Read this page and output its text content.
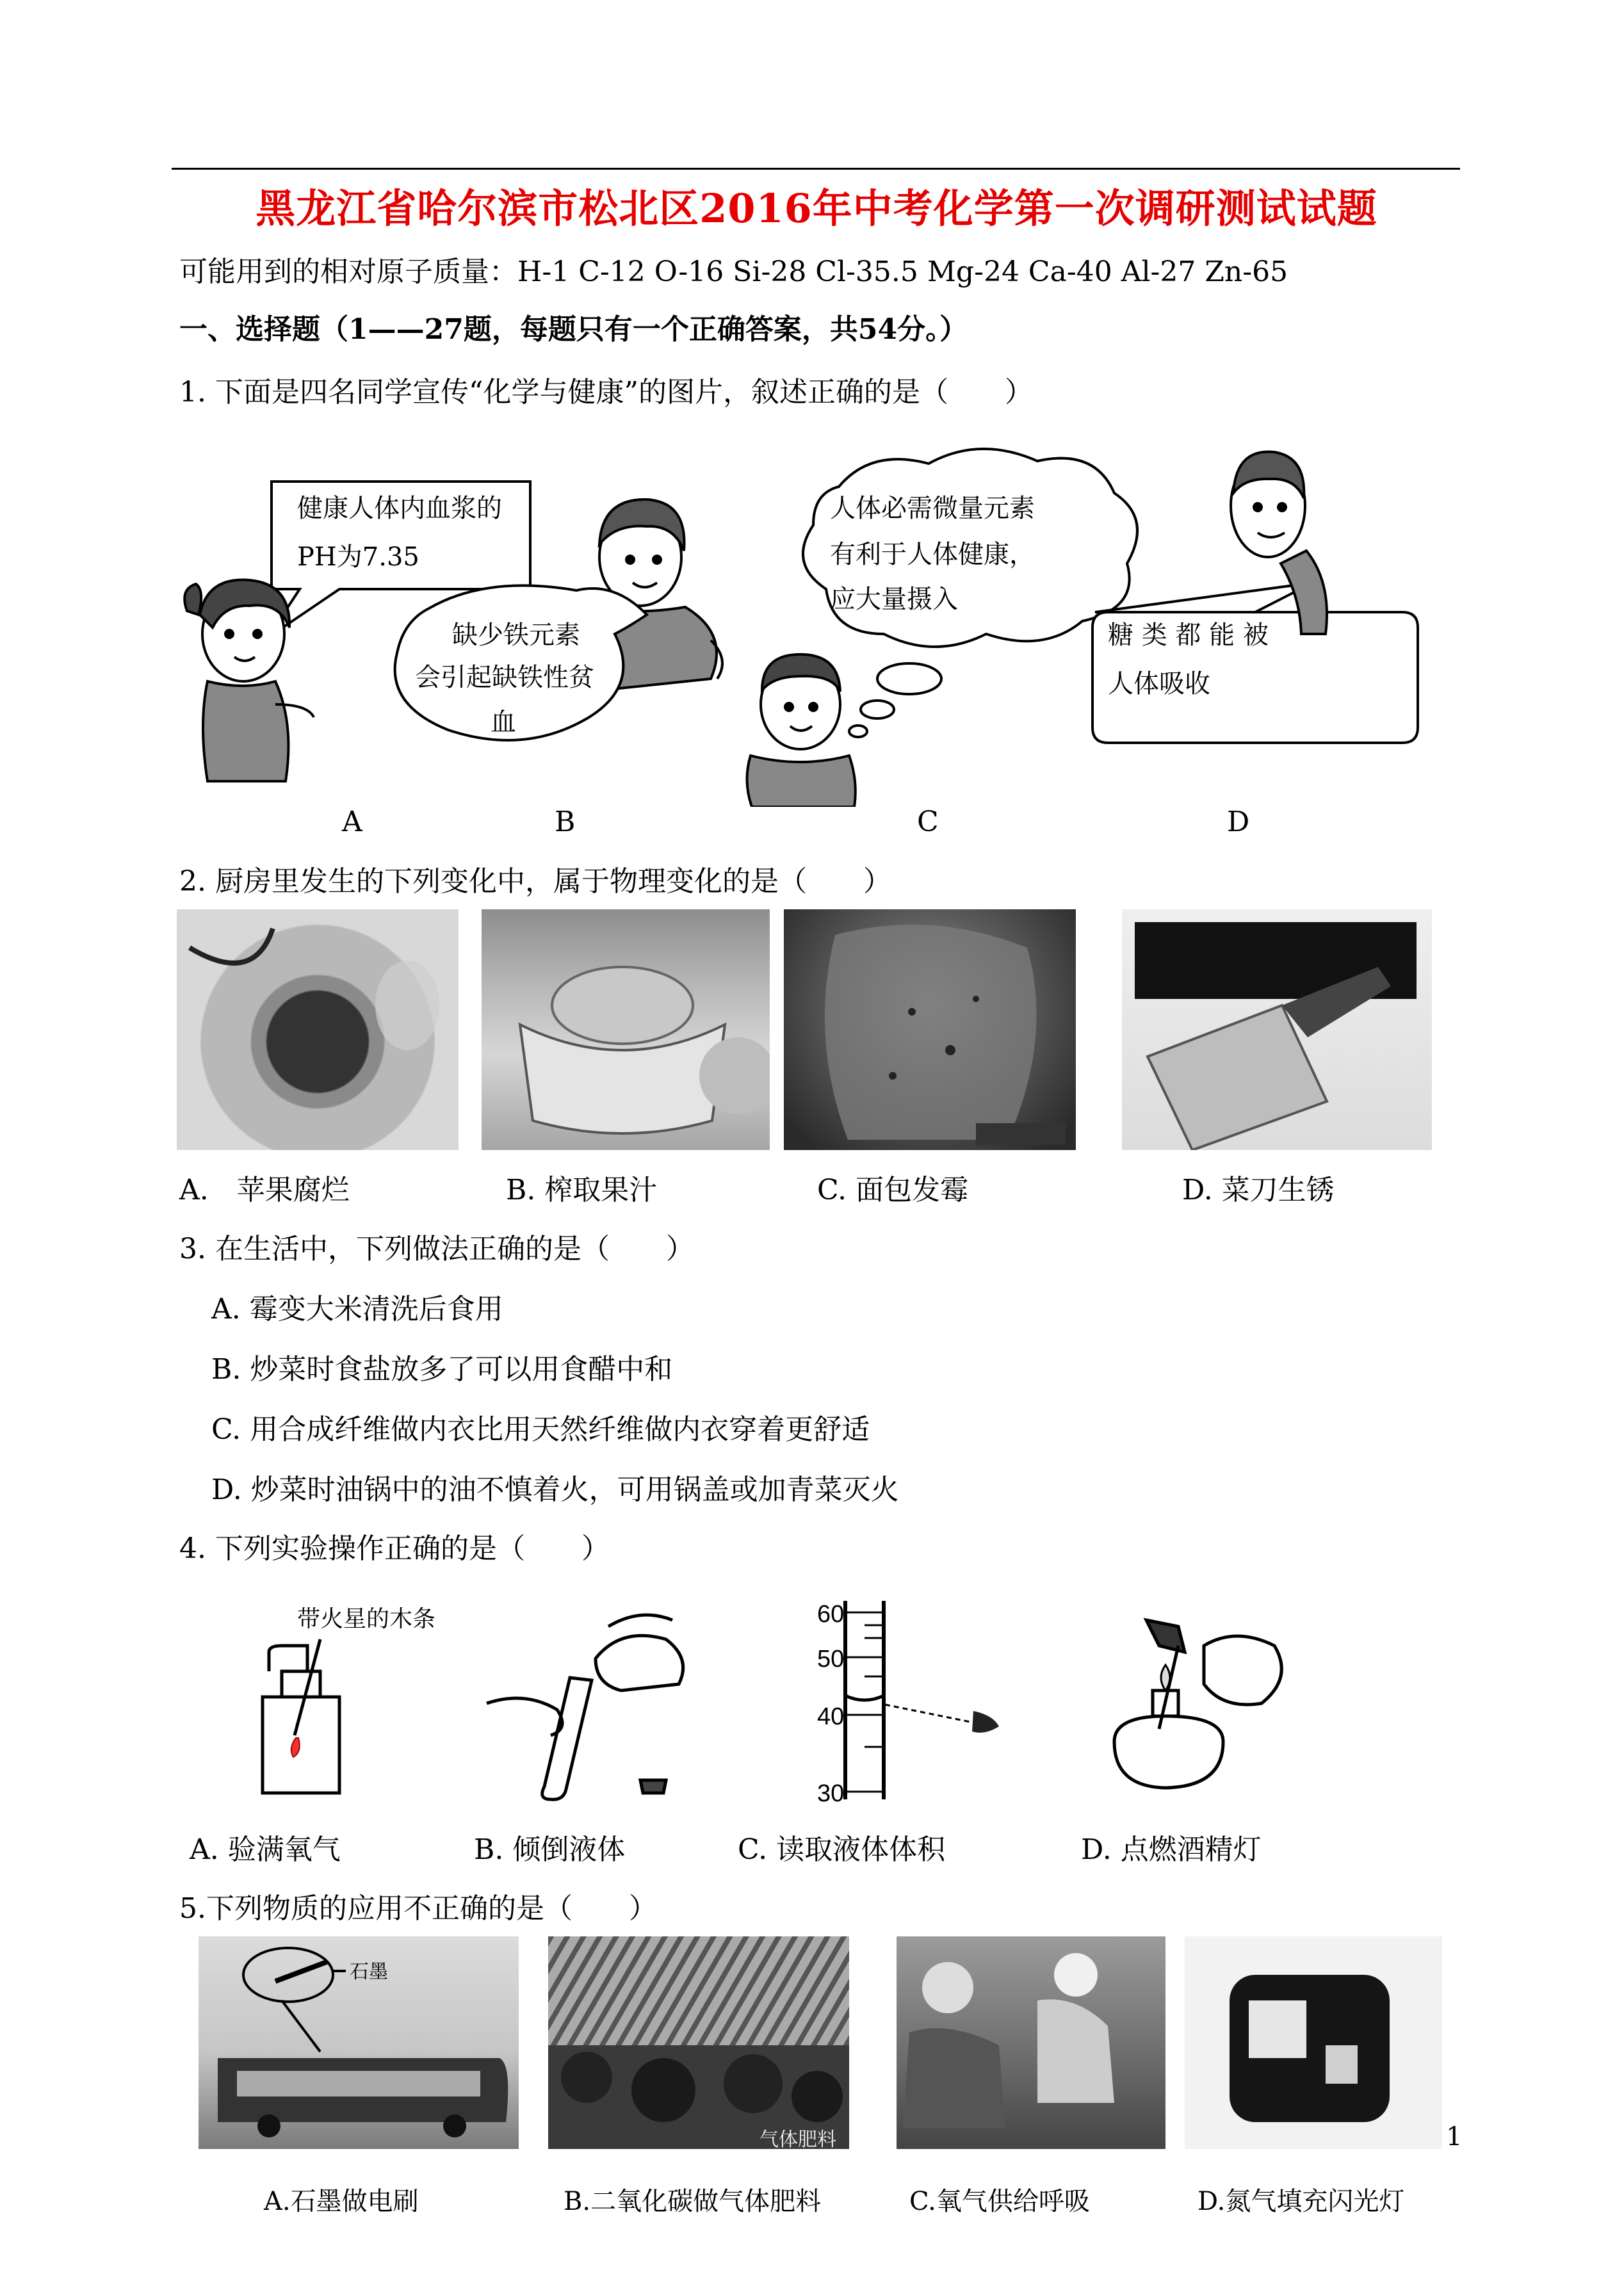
黑龙江省哈尔滨市松北区2016年中考化学第一次调研测试试题
可能用到的相对原子质量：H-1 C-12 O-16 Si-28 Cl-35.5 Mg-24 Ca-40 Al-27 Zn-65
一、选择题（1——27题，每题只有一个正确答案，共54分。）
1. 下面是四名同学宣传“化学与健康”的图片，叙述正确的是（　　）
健康人体内血浆的
PH为7.35
缺少铁元素
会引起缺铁性贫
血
人体必需微量元素
有利于人体健康，
应大量摄入
糖 类 都 能 被
人体吸收
A	B	C	D
2. 厨房里发生的下列变化中，属于物理变化的是（　　）
A.　苹果腐烂	B. 榨取果汁	C. 面包发霉	D. 菜刀生锈
3. 在生活中，下列做法正确的是（　　）
A. 霉变大米清洗后食用
B. 炒菜时食盐放多了可以用食醋中和
C. 用合成纤维做内衣比用天然纤维做内衣穿着更舒适
D. 炒菜时油锅中的油不慎着火，可用锅盖或加青菜灭火
4. 下列实验操作正确的是（　　）
带火星的木条	60
50
40
30
A. 验满氧气	B. 倾倒液体	C. 读取液体体积	D. 点燃酒精灯
5.下列物质的应用不正确的是（　　）
石墨
气体肥料
A.石墨做电刷	B.二氧化碳做气体肥料	C.氧气供给呼吸	D.氮气填充闪光灯
1
